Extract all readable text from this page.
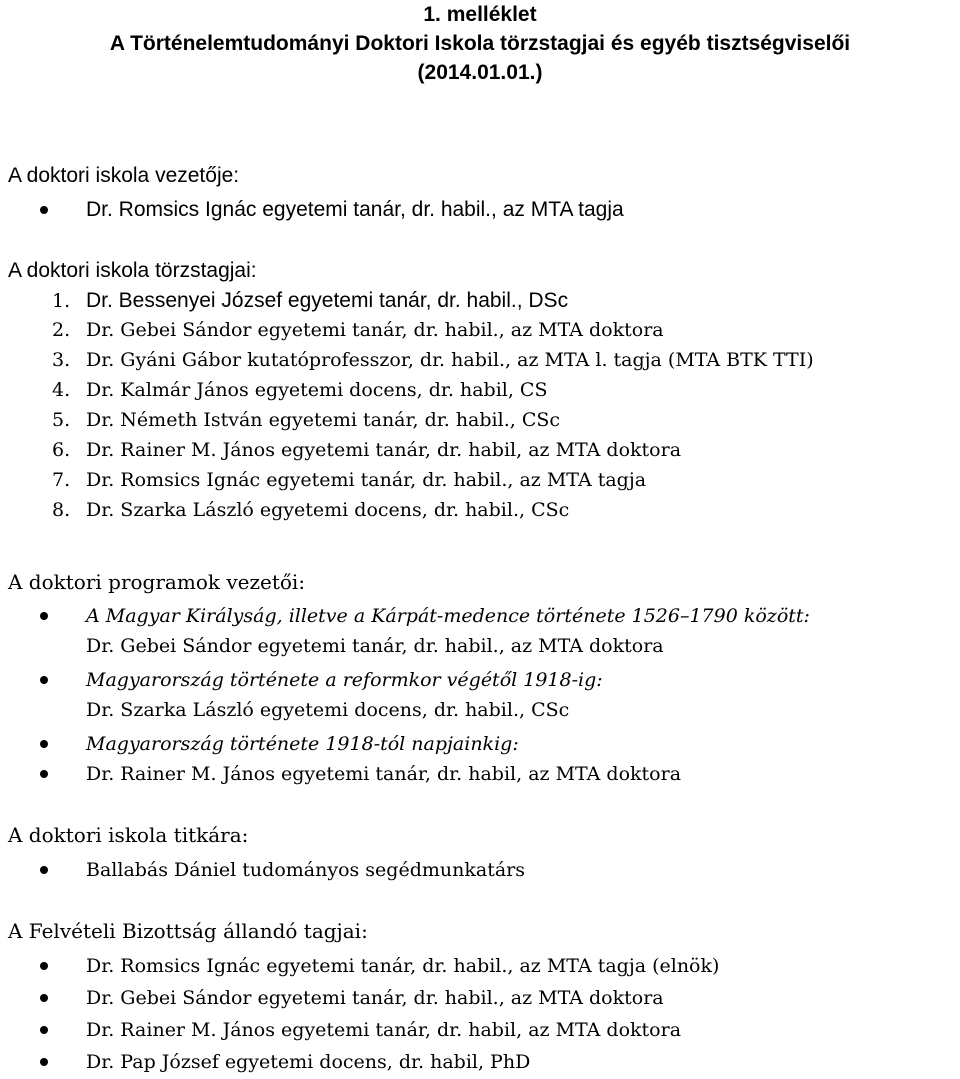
1. melléklet
A Történelemtudományi Doktori Iskola törzstagjai és egyéb tisztségviselői
(2014.01.01.)
A doktori iskola vezetője:
Dr. Romsics Ignác egyetemi tanár, dr. habil., az MTA tagja
A doktori iskola törzstagjai:
1. Dr. Bessenyei József egyetemi tanár, dr. habil., DSc
2. Dr. Gebei Sándor egyetemi tanár, dr. habil., az MTA doktora
3. Dr. Gyáni Gábor kutatóprofesszor, dr. habil., az MTA l. tagja (MTA BTK TTI)
4. Dr. Kalmár János egyetemi docens, dr. habil, CS
5. Dr. Németh István egyetemi tanár, dr. habil., CSc
6. Dr. Rainer M. János egyetemi tanár, dr. habil, az MTA doktora
7. Dr. Romsics Ignác egyetemi tanár, dr. habil., az MTA tagja
8. Dr. Szarka László egyetemi docens, dr. habil., CSc
A doktori programok vezetői:
A Magyar Királyság, illetve a Kárpát-medence története 1526–1790 között:
Dr. Gebei Sándor egyetemi tanár, dr. habil., az MTA doktora
Magyarország története a reformkor végétől 1918-ig:
Dr. Szarka László egyetemi docens, dr. habil., CSc
Magyarország története 1918-tól napjainkig:
Dr. Rainer M. János egyetemi tanár, dr. habil, az MTA doktora
A doktori iskola titkára:
Ballabás Dániel tudományos segédmunkatárs
A Felvételi Bizottság állandó tagjai:
Dr. Romsics Ignác egyetemi tanár, dr. habil., az MTA tagja (elnök)
Dr. Gebei Sándor egyetemi tanár, dr. habil., az MTA doktora
Dr. Rainer M. János egyetemi tanár, dr. habil, az MTA doktora
Dr. Pap József egyetemi docens, dr. habil, PhD
